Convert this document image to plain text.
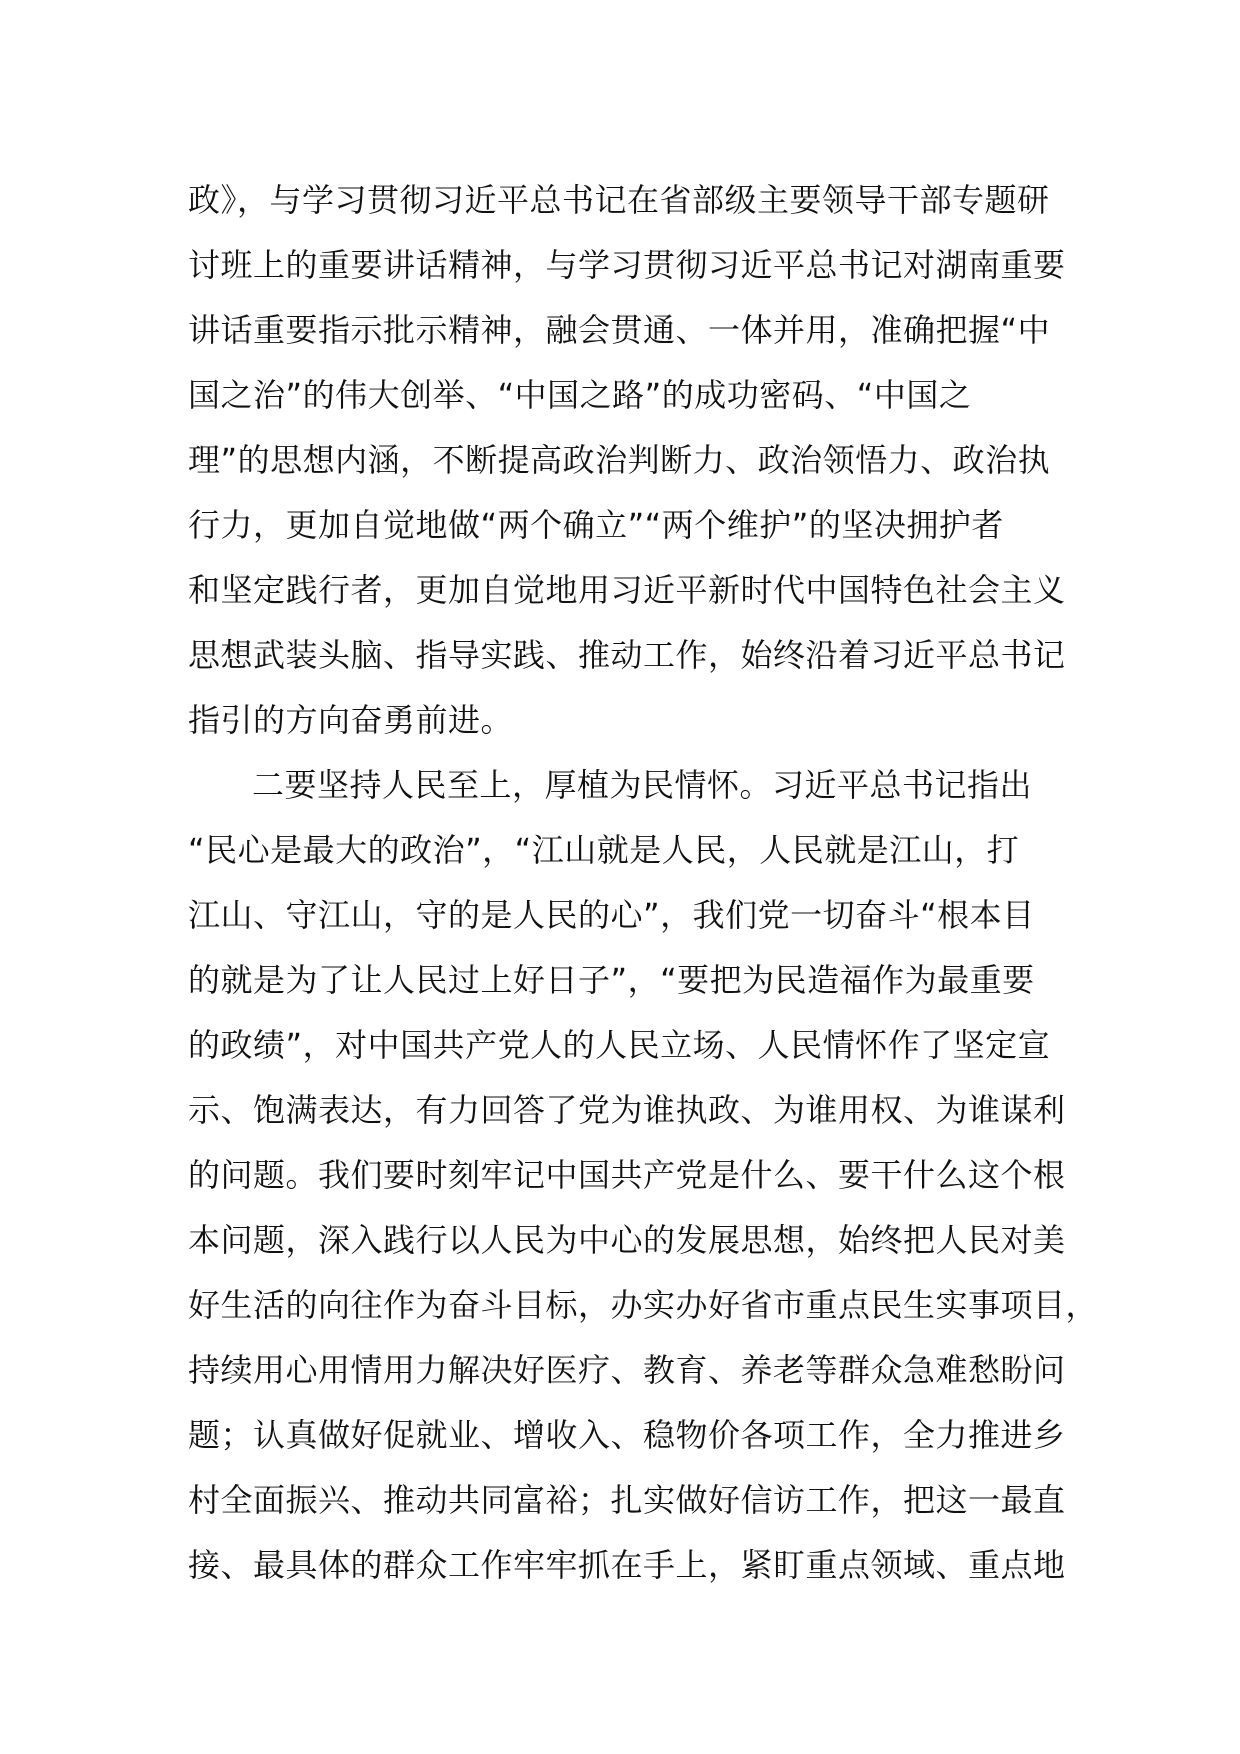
政》，与学习贯彻习近平总书记在省部级主要领导干部专题研
讨班上的重要讲话精神，与学习贯彻习近平总书记对湖南重要
讲话重要指示批示精神，融会贯通、一体并用，准确把握“中
国之治”的伟大创举、“中国之路”的成功密码、“中国之
理”的思想内涵，不断提高政治判断力、政治领悟力、政治执
行力，更加自觉地做“两个确立”“两个维护”的坚决拥护者
和坚定践行者，更加自觉地用习近平新时代中国特色社会主义
思想武装头脑、指导实践、推动工作，始终沿着习近平总书记
指引的方向奋勇前进。
二要坚持人民至上，厚植为民情怀。习近平总书记指出
“民心是最大的政治”，“江山就是人民，人民就是江山，打
江山、守江山，守的是人民的心”，我们党一切奋斗“根本目
的就是为了让人民过上好日子”，“要把为民造福作为最重要
的政绩”，对中国共产党人的人民立场、人民情怀作了坚定宣
示、饱满表达，有力回答了党为谁执政、为谁用权、为谁谋利
的问题。我们要时刻牢记中国共产党是什么、要干什么这个根
本问题，深入践行以人民为中心的发展思想，始终把人民对美
好生活的向往作为奋斗目标，办实办好省市重点民生实事项目，
持续用心用情用力解决好医疗、教育、养老等群众急难愁盼问
题；认真做好促就业、增收入、稳物价各项工作，全力推进乡
村全面振兴、推动共同富裕；扎实做好信访工作，把这一最直
接、最具体的群众工作牢牢抓在手上，紧盯重点领域、重点地
